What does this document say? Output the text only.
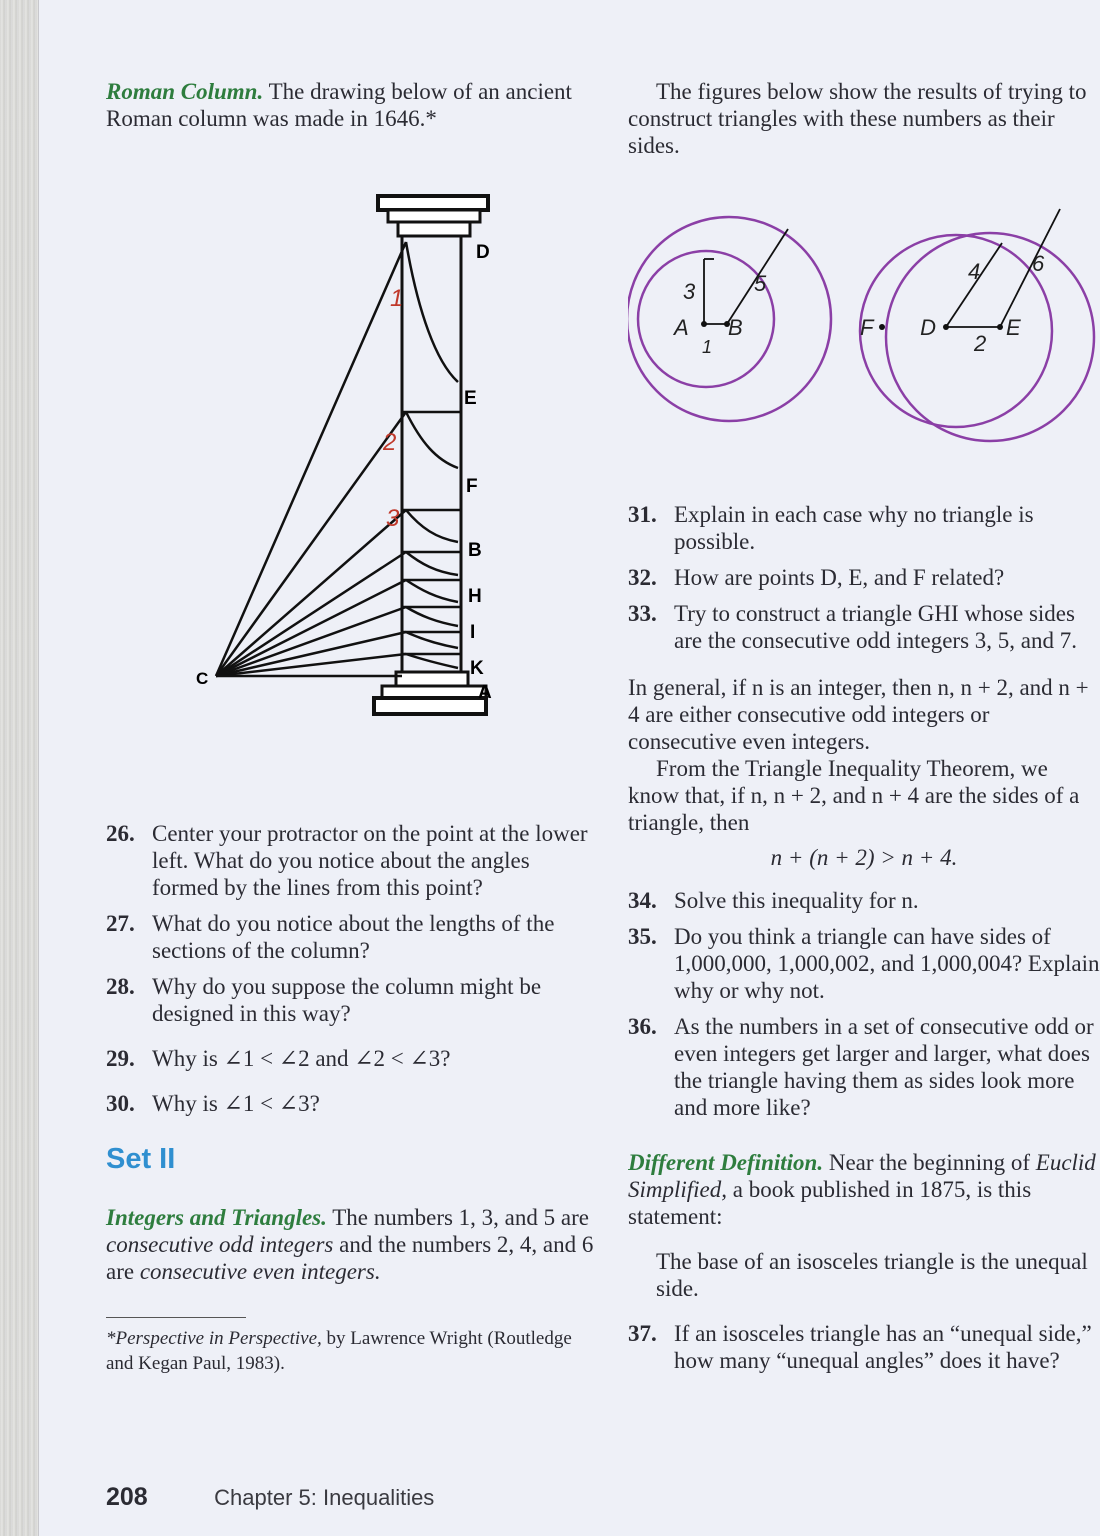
Roman Column. The drawing below of an ancient Roman column was made in 1646.*

D
E
F
B
H
I
K
A
C
1
2
3
26. Center your protractor on the point at the lower left. What do you notice about the angles formed by the lines from this point?
27. What do you notice about the lengths of the sections of the column?
28. Why do you suppose the column might be designed in this way?
29. Why is ∠1 < ∠2 and ∠2 < ∠3?
30. Why is ∠1 < ∠3?
Set II

Integers and Triangles. The numbers 1, 3, and 5 are consecutive odd integers and the numbers 2, 4, and 6 are consecutive even integers.

*Perspective in Perspective, by Lawrence Wright (Routledge and Kegan Paul, 1983).

The figures below show the results of trying to construct triangles with these numbers as their sides.

3	5
A B
1
F D
4 6
E
2
31. Explain in each case why no triangle is possible.
32. How are points D, E, and F related?
33. Try to construct a triangle GHI whose sides are the consecutive odd integers 3, 5, and 7.

In general, if n is an integer, then n, n + 2, and n + 4 are either consecutive odd integers or consecutive even integers.

From the Triangle Inequality Theorem, we know that, if n, n + 2, and n + 4 are the sides of a triangle, then

n + (n + 2) > n + 4.

34. Solve this inequality for n.
35. Do you think a triangle can have sides of 1,000,000, 1,000,002, and 1,000,004? Explain why or why not.
36. As the numbers in a set of consecutive odd or even integers get larger and larger, what does the triangle having them as sides look more and more like?

Different Definition. Near the beginning of Euclid Simplified, a book published in 1875, is this statement:

The base of an isosceles triangle is the unequal side.

37. If an isosceles triangle has an “unequal side,” how many “unequal angles” does it have?
208	Chapter 5: Inequalities
